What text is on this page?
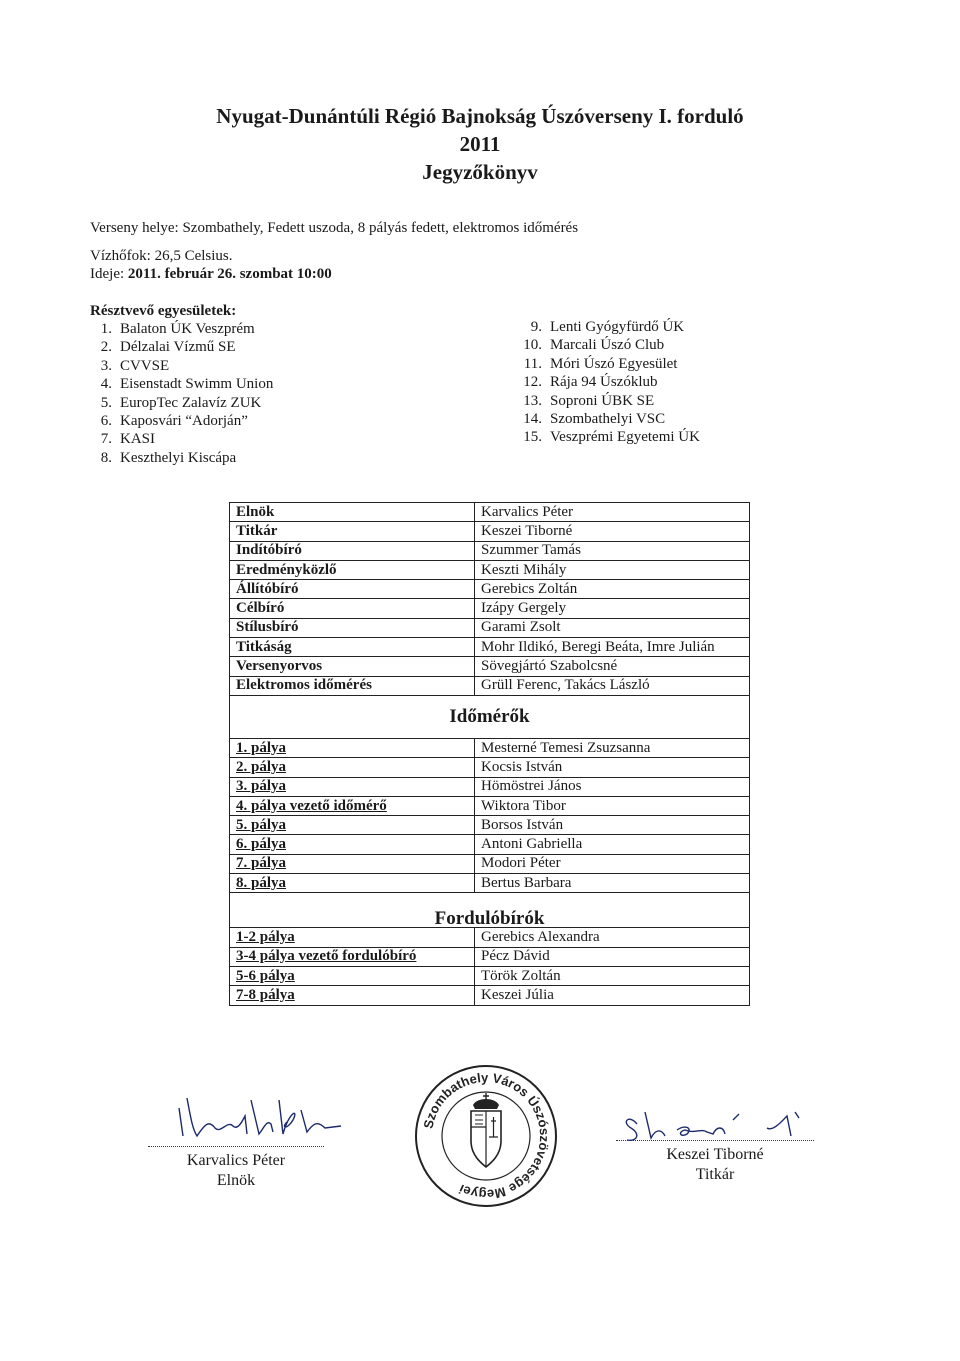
Nyugat-Dunántúli Régió Bajnokság Úszóverseny I. forduló
2011
Jegyzőkönyv
Verseny helye: Szombathely, Fedett uszoda, 8 pályás fedett, elektromos időmérés
Vízhőfok: 26,5 Celsius.
Ideje: 2011. február 26. szombat 10:00
Résztvevő egyesületek:
1. Balaton ÚK Veszprém
2. Délzalai Vízmű SE
3. CVVSE
4. Eisenstadt Swimm Union
5. EuropTec Zalavíz ZUK
6. Kaposvári “Adorján”
7. KASI
8. Keszthelyi Kiscápa
9. Lenti Gyógyfürdő ÚK
10. Marcali Úszó Club
11. Móri Úszó Egyesület
12. Rája 94 Úszóklub
13. Soproni ÚBK SE
14. Szombathelyi VSC
15. Veszprémi Egyetemi ÚK
Elnök	Karvalics Péter
Titkár	Keszei Tiborné
Indítóbíró	Szummer Tamás
Eredményközlő	Keszti Mihály
Állítóbíró	Gerebics Zoltán
Célbíró	Izápy Gergely
Stílusbíró	Garami Zsolt
Titkáság	Mohr Ildikó, Beregi Beáta, Imre Julián
Versenyorvos	Sövegjártó Szabolcsné
Elektromos időmérés	Grüll Ferenc, Takács László
Időmérők	
1. pálya	Mesterné Temesi Zsuzsanna
2. pálya	Kocsis István
3. pálya	Hömöstrei János
4. pálya vezető időmérő	Wiktora Tibor
5. pálya	Borsos István
6. pálya	Antoni Gabriella
7. pálya	Modori Péter
8. pálya	Bertus Barbara
Fordulóbírók	
1-2 pálya	Gerebics Alexandra
3-4 pálya vezető fordulóbíró	Pécz Dávid
5-6 pálya	Török Zoltán
7-8 pálya	Keszei Júlia
Karvalics Péter
Elnök
Szombathely Város Úszószövetsége Megyei
Keszei Tiborné
Titkár
